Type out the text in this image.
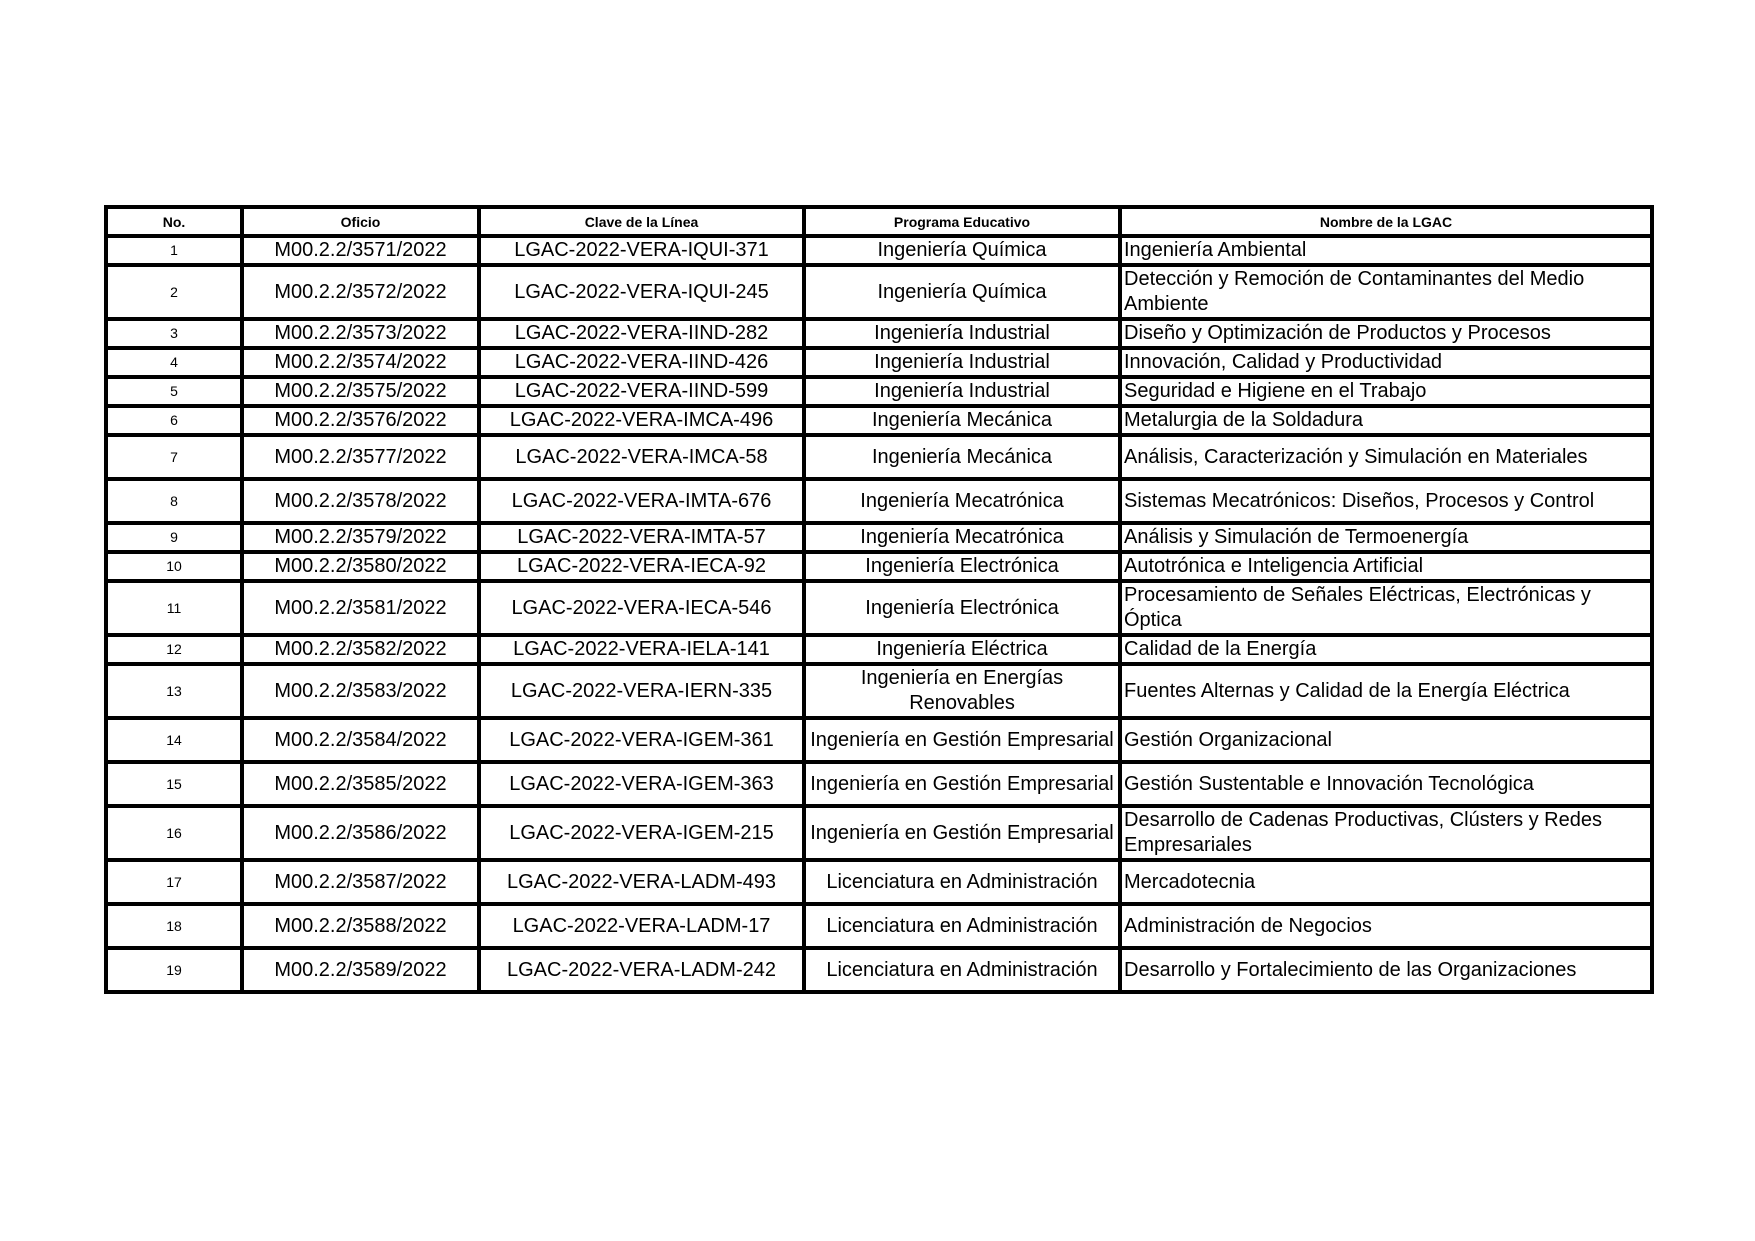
No.	Oficio	Clave de la Línea	Programa Educativo	Nombre de la LGAC
1	M00.2.2/3571/2022	LGAC-2022-VERA-IQUI-371	Ingeniería Química	Ingeniería Ambiental
2	M00.2.2/3572/2022	LGAC-2022-VERA-IQUI-245	Ingeniería Química	Detección y Remoción de Contaminantes del Medio Ambiente
3	M00.2.2/3573/2022	LGAC-2022-VERA-IIND-282	Ingeniería Industrial	Diseño y Optimización de Productos y Procesos
4	M00.2.2/3574/2022	LGAC-2022-VERA-IIND-426	Ingeniería Industrial	Innovación, Calidad y Productividad
5	M00.2.2/3575/2022	LGAC-2022-VERA-IIND-599	Ingeniería Industrial	Seguridad e Higiene en el Trabajo
6	M00.2.2/3576/2022	LGAC-2022-VERA-IMCA-496	Ingeniería Mecánica	Metalurgia de la Soldadura
7	M00.2.2/3577/2022	LGAC-2022-VERA-IMCA-58	Ingeniería Mecánica	Análisis, Caracterización y Simulación en Materiales
8	M00.2.2/3578/2022	LGAC-2022-VERA-IMTA-676	Ingeniería Mecatrónica	Sistemas Mecatrónicos: Diseños, Procesos y Control
9	M00.2.2/3579/2022	LGAC-2022-VERA-IMTA-57	Ingeniería Mecatrónica	Análisis y Simulación de Termoenergía
10	M00.2.2/3580/2022	LGAC-2022-VERA-IECA-92	Ingeniería Electrónica	Autotrónica e Inteligencia Artificial
11	M00.2.2/3581/2022	LGAC-2022-VERA-IECA-546	Ingeniería Electrónica	Procesamiento de Señales Eléctricas, Electrónicas y Óptica
12	M00.2.2/3582/2022	LGAC-2022-VERA-IELA-141	Ingeniería Eléctrica	Calidad de la Energía
13	M00.2.2/3583/2022	LGAC-2022-VERA-IERN-335	Ingeniería en Energías Renovables	Fuentes Alternas y Calidad de la Energía Eléctrica
14	M00.2.2/3584/2022	LGAC-2022-VERA-IGEM-361	Ingeniería en Gestión Empresarial	Gestión Organizacional
15	M00.2.2/3585/2022	LGAC-2022-VERA-IGEM-363	Ingeniería en Gestión Empresarial	Gestión Sustentable e Innovación Tecnológica
16	M00.2.2/3586/2022	LGAC-2022-VERA-IGEM-215	Ingeniería en Gestión Empresarial	Desarrollo de Cadenas Productivas, Clústers y Redes Empresariales
17	M00.2.2/3587/2022	LGAC-2022-VERA-LADM-493	Licenciatura en Administración	Mercadotecnia
18	M00.2.2/3588/2022	LGAC-2022-VERA-LADM-17	Licenciatura en Administración	Administración de Negocios
19	M00.2.2/3589/2022	LGAC-2022-VERA-LADM-242	Licenciatura en Administración	Desarrollo y Fortalecimiento de las Organizaciones
